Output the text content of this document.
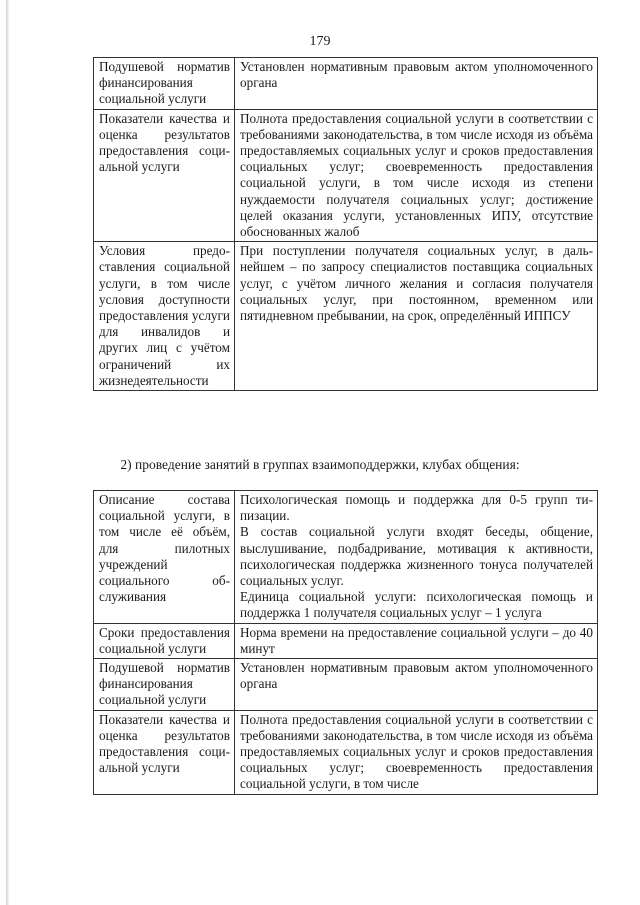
179
Подушевой норматив финансирования социальной услуги	Установлен нормативным правовым актом уполномоченного органа

Показатели качества и оценка результатов предоставления социальной услуги	Полнота предоставления социальной услуги в соответствии с требованиями законодательства, в том числе исходя из объёма предоставляемых социальных услуг и сроков предоставления социальных услуг; своевременность предоставления социальной услуги, в том числе исходя из степени нуждаемости получателя социальных услуг; достижение целей оказания услуги, установленных ИПУ, отсутствие обоснованных жалоб

Условия предоставления социальной услуги, в том числе условия доступности предоставления услуги для инвалидов и других лиц с учётом ограничений их жизнедеятельности	При поступлении получателя социальных услуг, в дальнейшем – по запросу специалистов поставщика социальных услуг, с учётом личного желания и согласия получателя социальных услуг, при постоянном, временном или пятидневном пребывании, на срок, определённый ИППСУ

2) проведение занятий в группах взаимоподдержки, клубах общения:
Описание состава социальной услуги, в том числе её объём, для пилотных учреждений социального обслуживания	Психологическая помощь и поддержка для 0-5 групп типизации.

В состав социальной услуги входят беседы, общение, выслушивание, подбадривание, мотивация к активности, психологическая поддержка жизненного тонуса получателей социальных услуг.

Единица социальной услуги: психологическая помощь и поддержка 1 получателя социальных услуг – 1 услуга

Сроки предоставления социальной услуги	Норма времени на предоставление социальной услуги – до 40 минут

Подушевой норматив финансирования социальной услуги	Установлен нормативным правовым актом уполномоченного органа

Показатели качества и оценка результатов предоставления социальной услуги	Полнота предоставления социальной услуги в соответствии с требованиями законодательства, в том числе исходя из объёма предоставляемых социальных услуг и сроков предоставления социальных услуг; своевременность предоставления социальной услуги, в том числе
